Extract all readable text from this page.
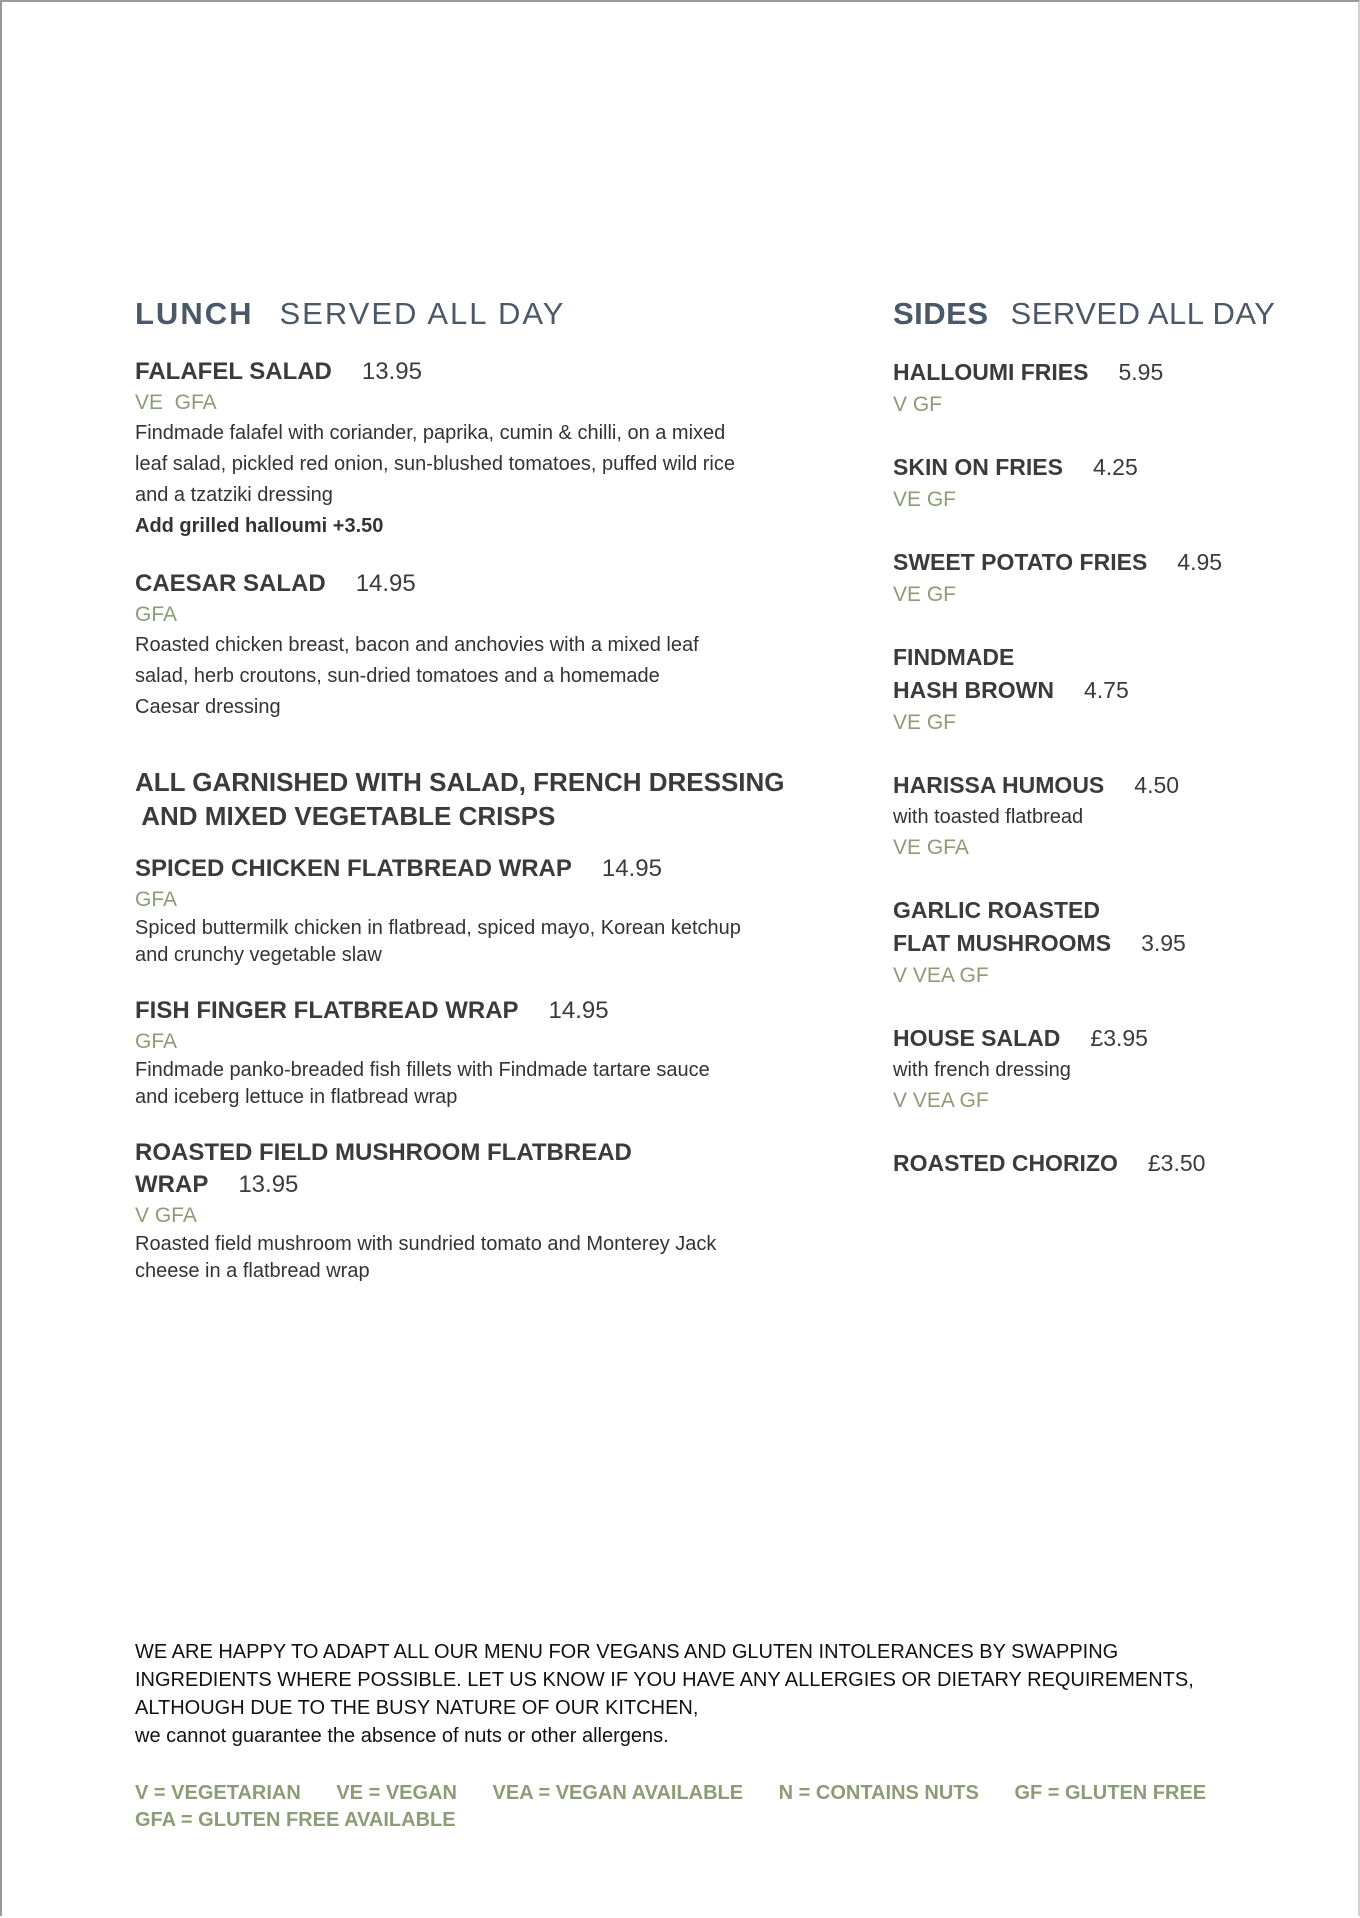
LUNCH SERVED ALL DAY
FALAFEL SALAD 13.95
VE  GFA
Findmade falafel with coriander, paprika, cumin & chilli, on a mixed
leaf salad, pickled red onion, sun-blushed tomatoes, puffed wild rice
and a tzatziki dressing
Add grilled halloumi +3.50
CAESAR SALAD 14.95
GFA
Roasted chicken breast, bacon and anchovies with a mixed leaf
salad, herb croutons, sun-dried tomatoes and a homemade
Caesar dressing
ALL GARNISHED WITH SALAD, FRENCH DRESSING
AND MIXED VEGETABLE CRISPS
SPICED CHICKEN FLATBREAD WRAP 14.95
GFA
Spiced buttermilk chicken in flatbread, spiced mayo, Korean ketchup
and crunchy vegetable slaw
FISH FINGER FLATBREAD WRAP 14.95
GFA
Findmade panko-breaded fish fillets with Findmade tartare sauce
and iceberg lettuce in flatbread wrap
ROASTED FIELD MUSHROOM FLATBREAD WRAP 13.95
V GFA
Roasted field mushroom with sundried tomato and Monterey Jack
cheese in a flatbread wrap
SIDES SERVED ALL DAY
HALLOUMI FRIES 5.95
V GF
SKIN ON FRIES 4.25
VE GF
SWEET POTATO FRIES 4.95
VE GF
FINDMADE
HASH BROWN 4.75
VE GF
HARISSA HUMOUS 4.50
with toasted flatbread
VE GFA
GARLIC ROASTED
FLAT MUSHROOMS 3.95
V VEA GF
HOUSE SALAD £3.95
with french dressing
V VEA GF
ROASTED CHORIZO £3.50
WE ARE HAPPY TO ADAPT ALL OUR MENU FOR VEGANS AND GLUTEN INTOLERANCES BY SWAPPING
INGREDIENTS WHERE POSSIBLE. LET US KNOW IF YOU HAVE ANY ALLERGIES OR DIETARY REQUIREMENTS,
ALTHOUGH DUE TO THE BUSY NATURE OF OUR KITCHEN,
we cannot guarantee the absence of nuts or other allergens.
V = VEGETARIAN VE = VEGAN VEA = VEGAN AVAILABLE N = CONTAINS NUTS GF = GLUTEN FREE
GFA = GLUTEN FREE AVAILABLE
